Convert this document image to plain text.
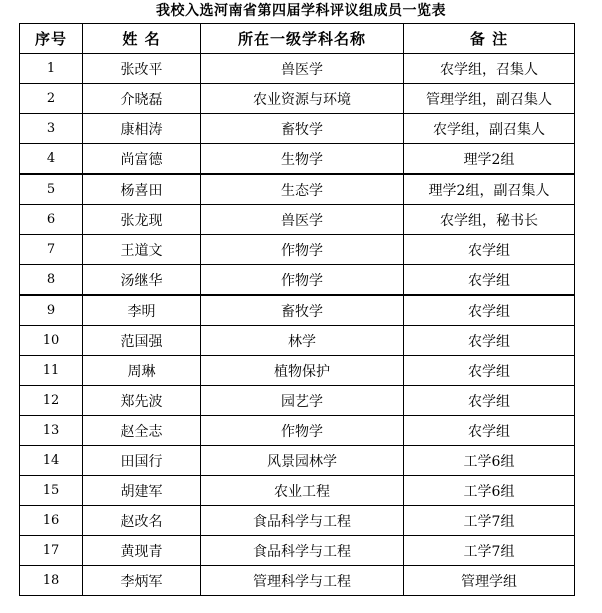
我校入选河南省第四届学科评议组成员一览表
序号	姓 名	所在一级学科名称	备 注
1	张改平	兽医学	农学组，召集人
2	介晓磊	农业资源与环境	管理学组，副召集人
3	康相涛	畜牧学	农学组，副召集人
4	尚富德	生物学	理学2组
5	杨喜田	生态学	理学2组，副召集人
6	张龙现	兽医学	农学组，秘书长
7	王道文	作物学	农学组
8	汤继华	作物学	农学组
9	李明	畜牧学	农学组
10	范国强	林学	农学组
11	周琳	植物保护	农学组
12	郑先波	园艺学	农学组
13	赵全志	作物学	农学组
14	田国行	风景园林学	工学6组
15	胡建军	农业工程	工学6组
16	赵改名	食品科学与工程	工学7组
17	黄现青	食品科学与工程	工学7组
18	李炳军	管理科学与工程	管理学组
